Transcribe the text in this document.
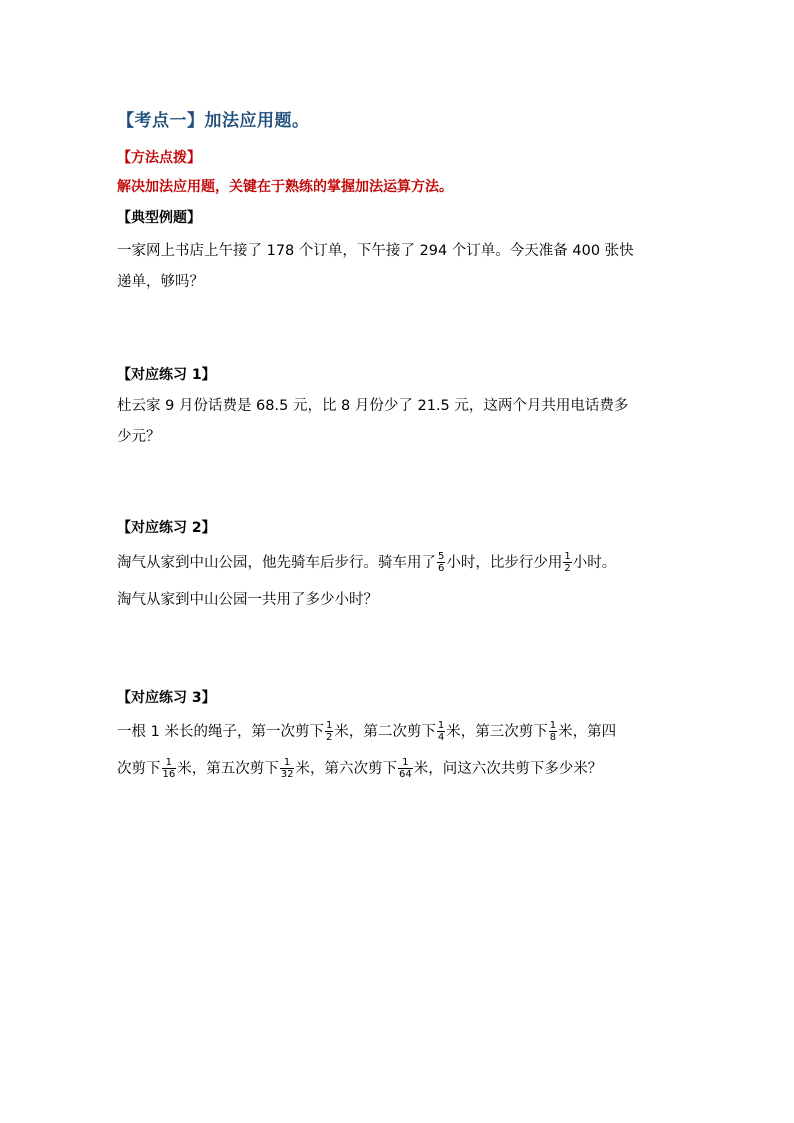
【考点一】加法应用题。
【方法点拨】
解决加法应用题，关键在于熟练的掌握加法运算方法。
【典型例题】
一家网上书店上午接了 178 个订单，下午接了 294 个订单。今天准备 400 张快
递单，够吗？
【对应练习 1】
杜云家 9 月份话费是 68.5 元，比 8 月份少了 21.5 元，这两个月共用电话费多
少元？
【对应练习 2】
淘气从家到中山公园，他先骑车后步行。骑车用了 $\frac{5}{6}$ 小时，比步行少用 $\frac{1}{2}$ 小时。
淘气从家到中山公园一共用了多少小时？
【对应练习 3】
一根 1 米长的绳子，第一次剪下 $\frac{1}{2}$ 米，第二次剪下 $\frac{1}{4}$ 米，第三次剪下 $\frac{1}{8}$ 米，第四
次剪下 $\frac{1}{16}$ 米，第五次剪下 $\frac{1}{32}$ 米，第六次剪下 $\frac{1}{64}$ 米，问这六次共剪下多少米？
